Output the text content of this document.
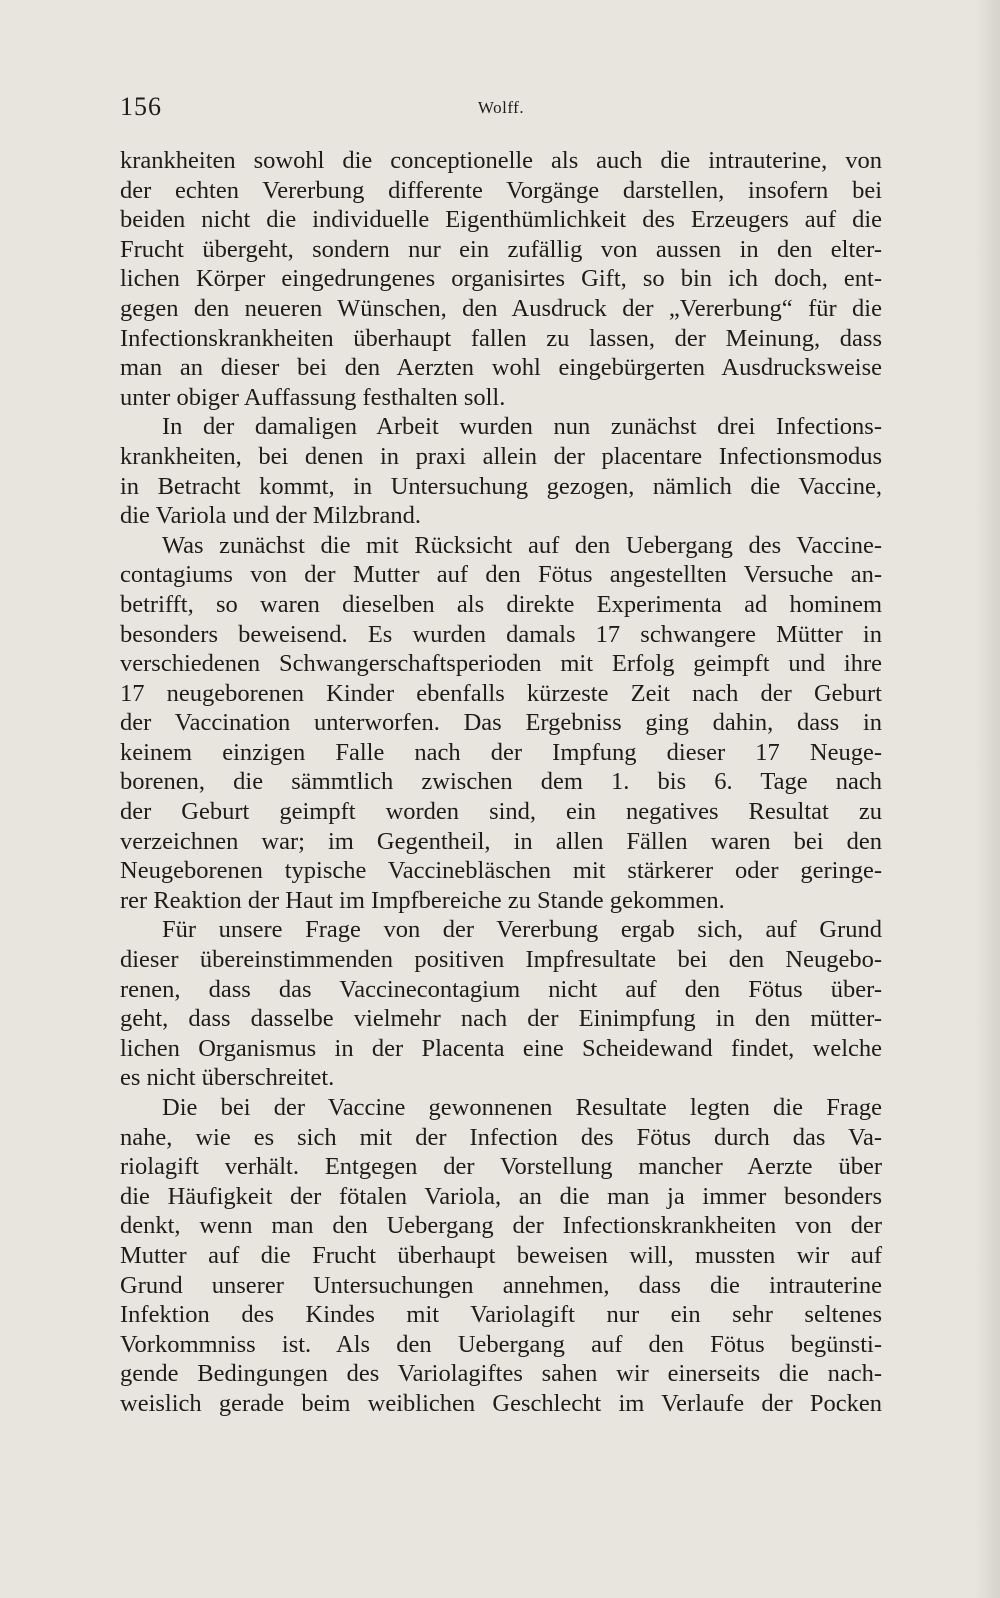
156	Wolff.
krankheiten sowohl die conceptionelle als auch die intrauterine, von
der echten Vererbung differente Vorgänge darstellen, insofern bei
beiden nicht die individuelle Eigenthümlichkeit des Erzeugers auf die
Frucht übergeht, sondern nur ein zufällig von aussen in den elter-
lichen Körper eingedrungenes organisirtes Gift, so bin ich doch, ent-
gegen den neueren Wünschen, den Ausdruck der „Vererbung“ für die
Infectionskrankheiten überhaupt fallen zu lassen, der Meinung, dass
man an dieser bei den Aerzten wohl eingebürgerten Ausdrucksweise
unter obiger Auffassung festhalten soll.
In der damaligen Arbeit wurden nun zunächst drei Infections-
krankheiten, bei denen in praxi allein der placentare Infectionsmodus
in Betracht kommt, in Untersuchung gezogen, nämlich die Vaccine,
die Variola und der Milzbrand.
Was zunächst die mit Rücksicht auf den Uebergang des Vaccine-
contagiums von der Mutter auf den Fötus angestellten Versuche an-
betrifft, so waren dieselben als direkte Experimenta ad hominem
besonders beweisend. Es wurden damals 17 schwangere Mütter in
verschiedenen Schwangerschaftsperioden mit Erfolg geimpft und ihre
17 neugeborenen Kinder ebenfalls kürzeste Zeit nach der Geburt
der Vaccination unterworfen. Das Ergebniss ging dahin, dass in
keinem einzigen Falle nach der Impfung dieser 17 Neuge-
borenen, die sämmtlich zwischen dem 1. bis 6. Tage nach
der Geburt geimpft worden sind, ein negatives Resultat zu
verzeichnen war; im Gegentheil, in allen Fällen waren bei den
Neugeborenen typische Vaccinebläschen mit stärkerer oder geringe-
rer Reaktion der Haut im Impfbereiche zu Stande gekommen.
Für unsere Frage von der Vererbung ergab sich, auf Grund
dieser übereinstimmenden positiven Impfresultate bei den Neugebo-
renen, dass das Vaccinecontagium nicht auf den Fötus über-
geht, dass dasselbe vielmehr nach der Einimpfung in den mütter-
lichen Organismus in der Placenta eine Scheidewand findet, welche
es nicht überschreitet.
Die bei der Vaccine gewonnenen Resultate legten die Frage
nahe, wie es sich mit der Infection des Fötus durch das Va-
riolagift verhält. Entgegen der Vorstellung mancher Aerzte über
die Häufigkeit der fötalen Variola, an die man ja immer besonders
denkt, wenn man den Uebergang der Infectionskrankheiten von der
Mutter auf die Frucht überhaupt beweisen will, mussten wir auf
Grund unserer Untersuchungen annehmen, dass die intrauterine
Infektion des Kindes mit Variolagift nur ein sehr seltenes
Vorkommniss ist. Als den Uebergang auf den Fötus begünsti-
gende Bedingungen des Variolagiftes sahen wir einerseits die nach-
weislich gerade beim weiblichen Geschlecht im Verlaufe der Pocken
